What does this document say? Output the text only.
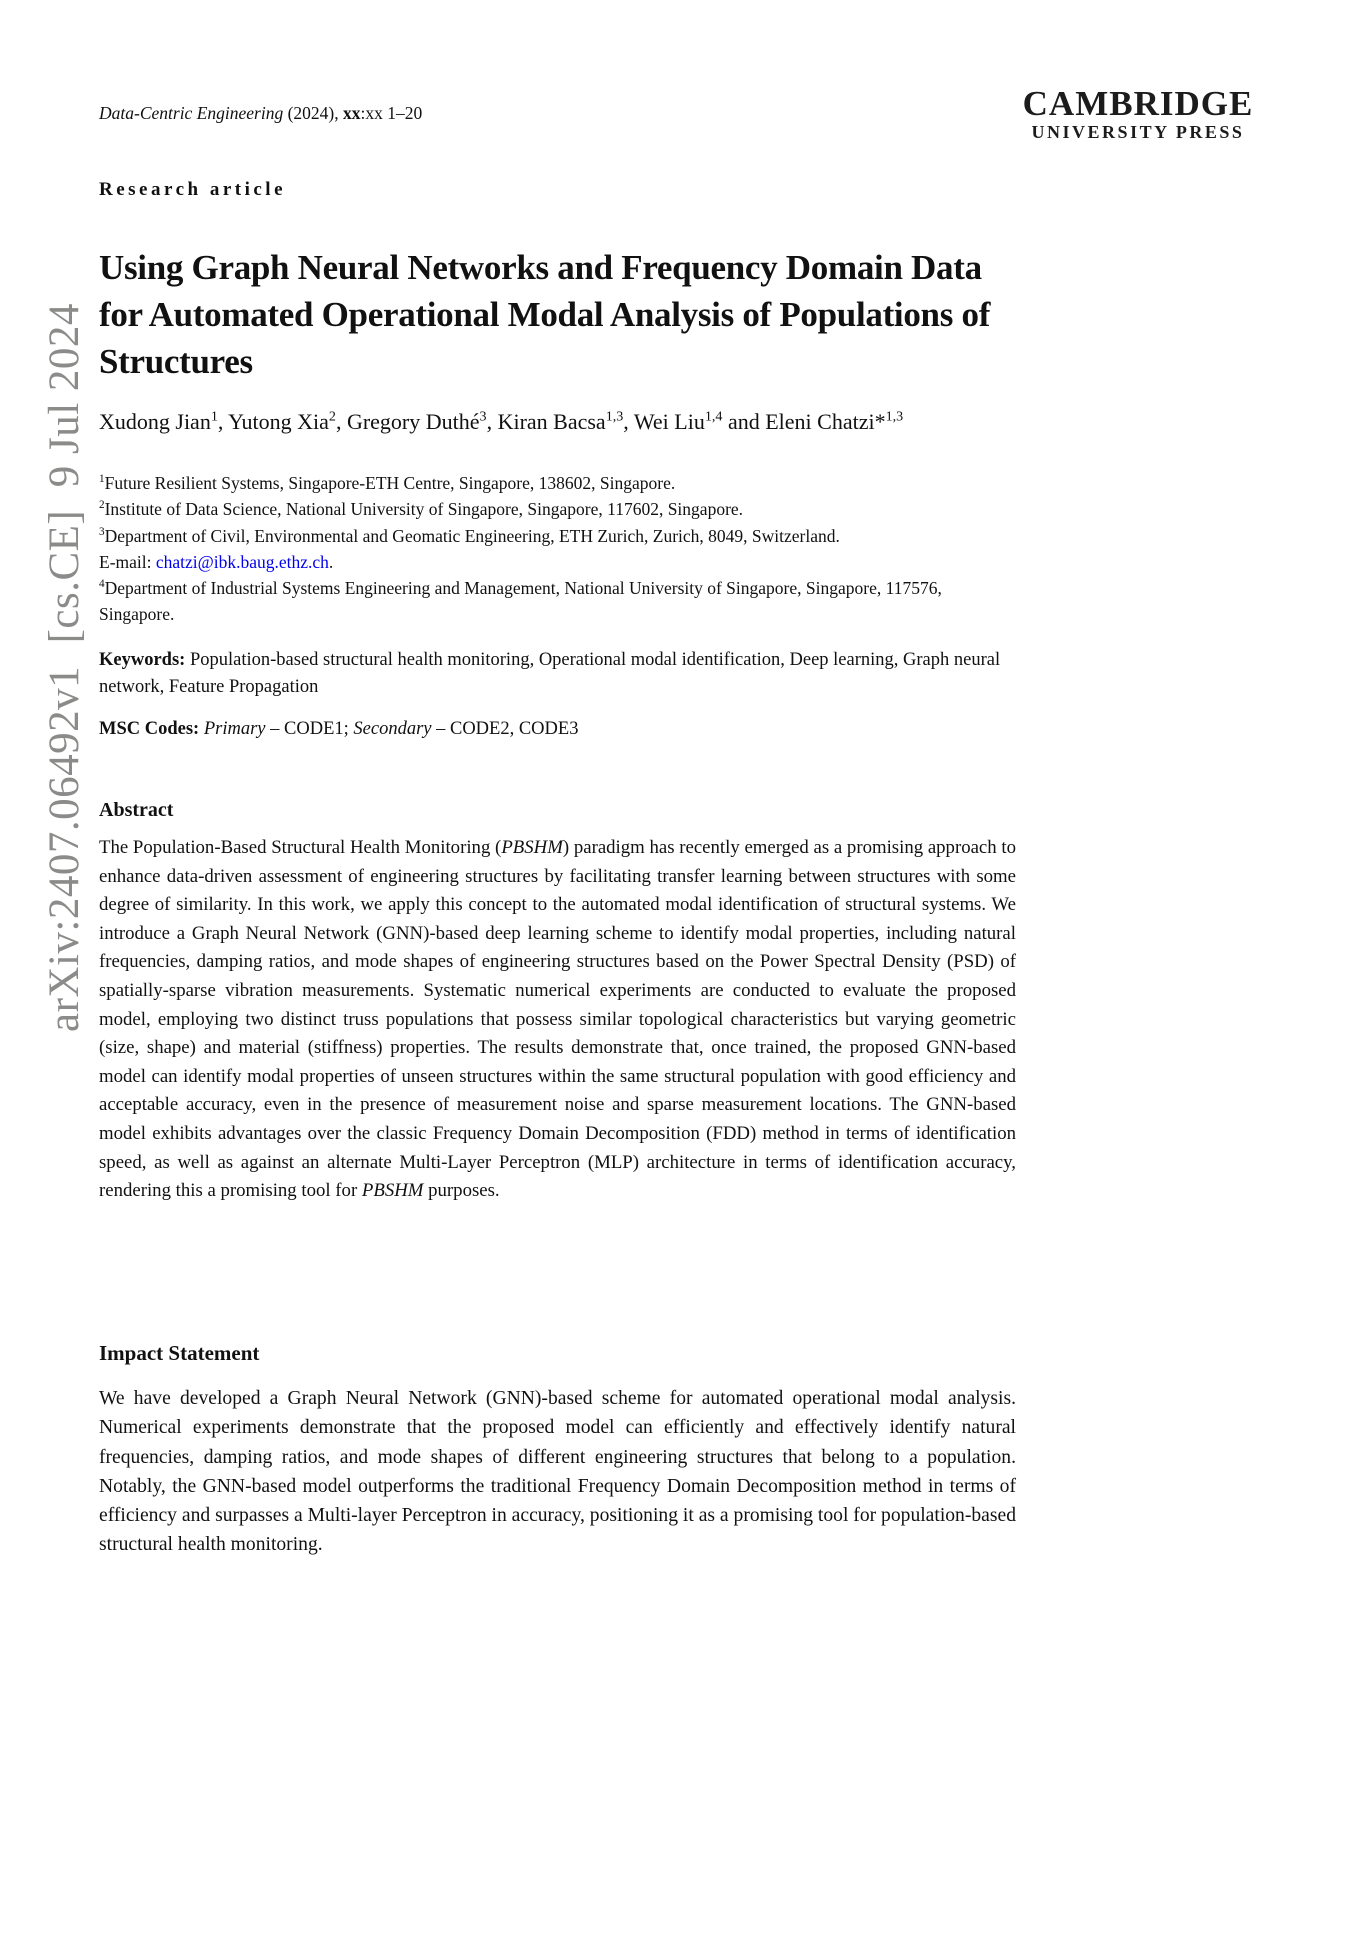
arXiv:2407.06492v1  [cs.CE]  9 Jul 2024
Data-Centric Engineering (2024), xx:xx 1–20	CAMBRIDGE
UNIVERSITY PRESS
Research article
Using Graph Neural Networks and Frequency Domain Data
for Automated Operational Modal Analysis of Populations of
Structures
Xudong Jian$^1$, Yutong Xia$^2$, Gregory Duthé$^3$, Kiran Bacsa$^{1,3}$, Wei Liu$^{1,4}$ and Eleni Chatzi*$^{1,3}$
$^1$Future Resilient Systems, Singapore-ETH Centre, Singapore, 138602, Singapore.
$^2$Institute of Data Science, National University of Singapore, Singapore, 117602, Singapore.
$^3$Department of Civil, Environmental and Geomatic Engineering, ETH Zurich, Zurich, 8049, Switzerland.
E-mail: chatzi@ibk.baug.ethz.ch.
$^4$Department of Industrial Systems Engineering and Management, National University of Singapore, Singapore, 117576, Singapore.
Keywords: Population-based structural health monitoring, Operational modal identification, Deep learning, Graph neural network, Feature Propagation
MSC Codes: Primary – CODE1; Secondary – CODE2, CODE3
Abstract
The Population-Based Structural Health Monitoring (PBSHM) paradigm has recently emerged as a promising approach to enhance data-driven assessment of engineering structures by facilitating transfer learning between structures with some degree of similarity. In this work, we apply this concept to the automated modal identification of structural systems. We introduce a Graph Neural Network (GNN)-based deep learning scheme to identify modal properties, including natural frequencies, damping ratios, and mode shapes of engineering structures based on the Power Spectral Density (PSD) of spatially-sparse vibration measurements. Systematic numerical experiments are conducted to evaluate the proposed model, employing two distinct truss populations that possess similar topological characteristics but varying geometric (size, shape) and material (stiffness) properties. The results demonstrate that, once trained, the proposed GNN-based model can identify modal properties of unseen structures within the same structural population with good efficiency and acceptable accuracy, even in the presence of measurement noise and sparse measurement locations. The GNN-based model exhibits advantages over the classic Frequency Domain Decomposition (FDD) method in terms of identification speed, as well as against an alternate Multi-Layer Perceptron (MLP) architecture in terms of identification accuracy, rendering this a promising tool for PBSHM purposes.
Impact Statement
We have developed a Graph Neural Network (GNN)-based scheme for automated operational modal analysis. Numerical experiments demonstrate that the proposed model can efficiently and effectively identify natural frequencies, damping ratios, and mode shapes of different engineering structures that belong to a population. Notably, the GNN-based model outperforms the traditional Frequency Domain Decomposition method in terms of efficiency and surpasses a Multi-layer Perceptron in accuracy, positioning it as a promising tool for population-based structural health monitoring.
